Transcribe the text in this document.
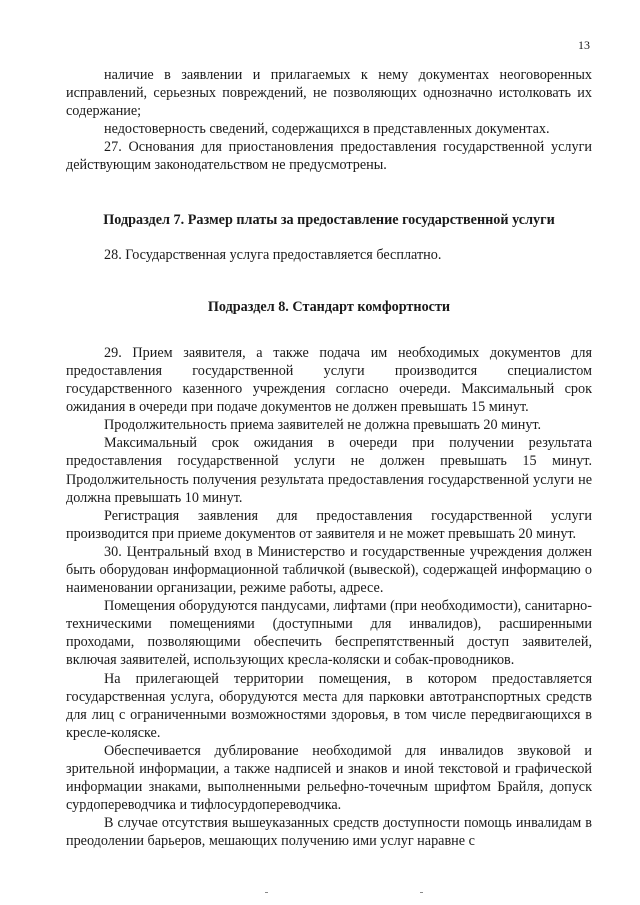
13

наличие в заявлении и прилагаемых к нему документах неоговоренных исправлений, серьезных повреждений, не позволяющих однозначно истолковать их содержание;

недостоверность сведений, содержащихся в представленных документах.

27. Основания для приостановления предоставления государственной услуги действующим законодательством не предусмотрены.

Подраздел 7. Размер платы за предоставление государственной услуги

28. Государственная услуга предоставляется бесплатно.

Подраздел 8. Стандарт комфортности

29. Прием заявителя, а также подача им необходимых документов для предоставления государственной услуги производится специалистом государственного казенного учреждения согласно очереди. Максимальный срок ожидания в очереди при подаче документов не должен превышать 15 минут.

Продолжительность приема заявителей не должна превышать 20 минут.

Максимальный срок ожидания в очереди при получении результата предоставления государственной услуги не должен превышать 15 минут. Продолжительность получения результата предоставления государственной услуги не должна превышать 10 минут.

Регистрация заявления для предоставления государственной услуги производится при приеме документов от заявителя и не может превышать 20 минут.

30. Центральный вход в Министерство и государственные учреждения должен быть оборудован информационной табличкой (вывеской), содержащей информацию о наименовании организации, режиме работы, адресе.

Помещения оборудуются пандусами, лифтами (при необходимости), санитарно-техническими помещениями (доступными для инвалидов), расширенными проходами, позволяющими обеспечить беспрепятственный доступ заявителей, включая заявителей, использующих кресла-коляски и собак-проводников.

На прилегающей территории помещения, в котором предоставляется государственная услуга, оборудуются места для парковки автотранспортных средств для лиц с ограниченными возможностями здоровья, в том числе передвигающихся в кресле-коляске.

Обеспечивается дублирование необходимой для инвалидов звуковой и зрительной информации, а также надписей и знаков и иной текстовой и графической информации знаками, выполненными рельефно-точечным шрифтом Брайля, допуск сурдопереводчика и тифлосурдопереводчика.

В случае отсутствия вышеуказанных средств доступности помощь инвалидам в преодолении барьеров, мешающих получению ими услуг наравне с
